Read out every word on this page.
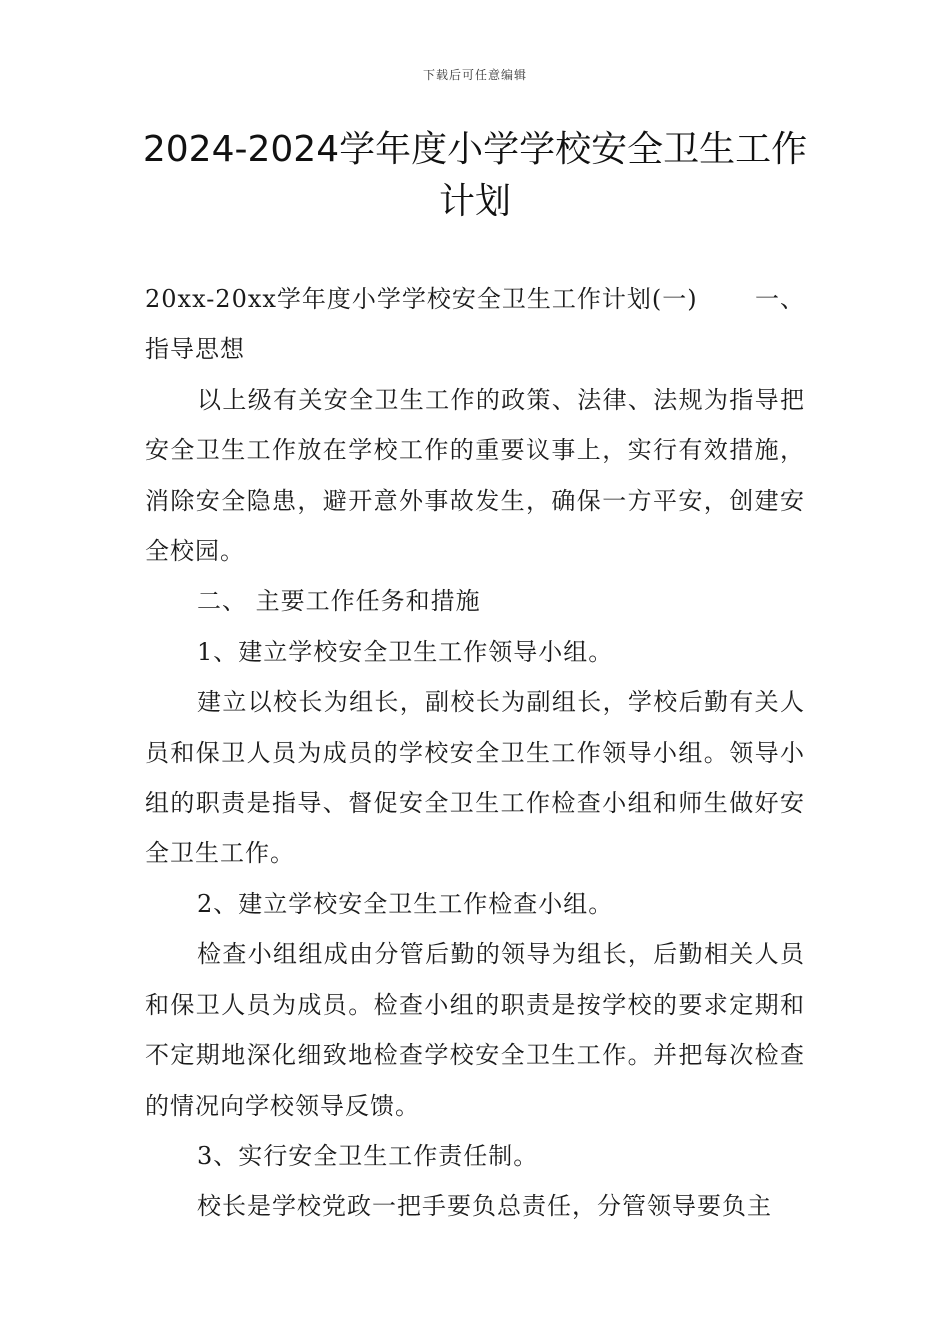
下载后可任意编辑
2024-2024学年度小学学校安全卫生工作计划

20xx-20xx学年度小学学校安全卫生工作计划(一) 一、

指导思想

以上级有关安全卫生工作的政策、法律、法规为指导把安全卫生工作放在学校工作的重要议事上，实行有效措施，消除安全隐患，避开意外事故发生，确保一方平安，创建安全校园。

二、 主要工作任务和措施

1、建立学校安全卫生工作领导小组。

建立以校长为组长，副校长为副组长，学校后勤有关人员和保卫人员为成员的学校安全卫生工作领导小组。领导小组的职责是指导、督促安全卫生工作检查小组和师生做好安全卫生工作。

2、建立学校安全卫生工作检查小组。

检查小组组成由分管后勤的领导为组长，后勤相关人员和保卫人员为成员。检查小组的职责是按学校的要求定期和不定期地深化细致地检查学校安全卫生工作。并把每次检查的情况向学校领导反馈。

3、实行安全卫生工作责任制。

校长是学校党政一把手要负总责任，分管领导要负主
